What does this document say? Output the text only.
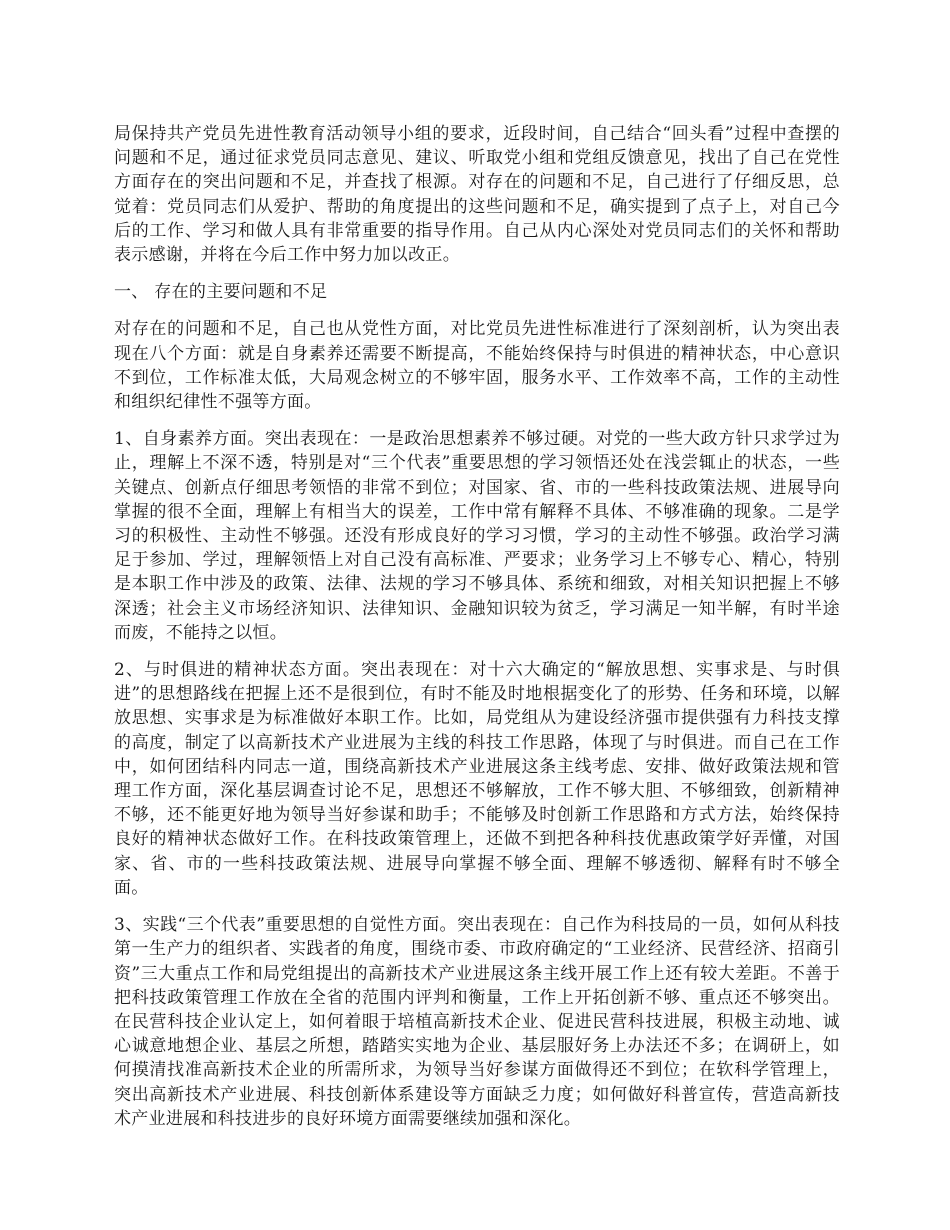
局保持共产党员先进性教育活动领导小组的要求，近段时间，自己结合“回头看”过程中查摆的问题和不足，通过征求党员同志意见、建议、听取党小组和党组反馈意见，找出了自己在党性方面存在的突出问题和不足，并查找了根源。对存在的问题和不足，自己进行了仔细反思，总觉着：党员同志们从爱护、帮助的角度提出的这些问题和不足，确实提到了点子上，对自己今后的工作、学习和做人具有非常重要的指导作用。自己从内心深处对党员同志们的关怀和帮助表示感谢，并将在今后工作中努力加以改正。

一、 存在的主要问题和不足

对存在的问题和不足，自己也从党性方面，对比党员先进性标准进行了深刻剖析，认为突出表现在八个方面：就是自身素养还需要不断提高，不能始终保持与时俱进的精神状态，中心意识不到位，工作标准太低，大局观念树立的不够牢固，服务水平、工作效率不高，工作的主动性和组织纪律性不强等方面。

1、自身素养方面。突出表现在：一是政治思想素养不够过硬。对党的一些大政方针只求学过为止，理解上不深不透，特别是对“三个代表”重要思想的学习领悟还处在浅尝辄止的状态，一些关键点、创新点仔细思考领悟的非常不到位；对国家、省、市的一些科技政策法规、进展导向掌握的很不全面，理解上有相当大的误差，工作中常有解释不具体、不够准确的现象。二是学习的积极性、主动性不够强。还没有形成良好的学习习惯，学习的主动性不够强。政治学习满足于参加、学过，理解领悟上对自己没有高标准、严要求；业务学习上不够专心、精心，特别是本职工作中涉及的政策、法律、法规的学习不够具体、系统和细致，对相关知识把握上不够深透；社会主义市场经济知识、法律知识、金融知识较为贫乏，学习满足一知半解，有时半途而废，不能持之以恒。

2、与时俱进的精神状态方面。突出表现在：对十六大确定的“解放思想、实事求是、与时俱进”的思想路线在把握上还不是很到位，有时不能及时地根据变化了的形势、任务和环境，以解放思想、实事求是为标准做好本职工作。比如，局党组从为建设经济强市提供强有力科技支撑的高度，制定了以高新技术产业进展为主线的科技工作思路，体现了与时俱进。而自己在工作中，如何团结科内同志一道，围绕高新技术产业进展这条主线考虑、安排、做好政策法规和管理工作方面，深化基层调查讨论不足，思想还不够解放，工作不够大胆、不够细致，创新精神不够，还不能更好地为领导当好参谋和助手；不能够及时创新工作思路和方式方法，始终保持良好的精神状态做好工作。在科技政策管理上，还做不到把各种科技优惠政策学好弄懂，对国家、省、市的一些科技政策法规、进展导向掌握不够全面、理解不够透彻、解释有时不够全面。

3、实践“三个代表”重要思想的自觉性方面。突出表现在：自己作为科技局的一员，如何从科技第一生产力的组织者、实践者的角度，围绕市委、市政府确定的“工业经济、民营经济、招商引资”三大重点工作和局党组提出的高新技术产业进展这条主线开展工作上还有较大差距。不善于把科技政策管理工作放在全省的范围内评判和衡量，工作上开拓创新不够、重点还不够突出。在民营科技企业认定上，如何着眼于培植高新技术企业、促进民营科技进展，积极主动地、诚心诚意地想企业、基层之所想，踏踏实实地为企业、基层服好务上办法还不多；在调研上，如何摸清找准高新技术企业的所需所求，为领导当好参谋方面做得还不到位；在软科学管理上，突出高新技术产业进展、科技创新体系建设等方面缺乏力度；如何做好科普宣传，营造高新技术产业进展和科技进步的良好环境方面需要继续加强和深化。
